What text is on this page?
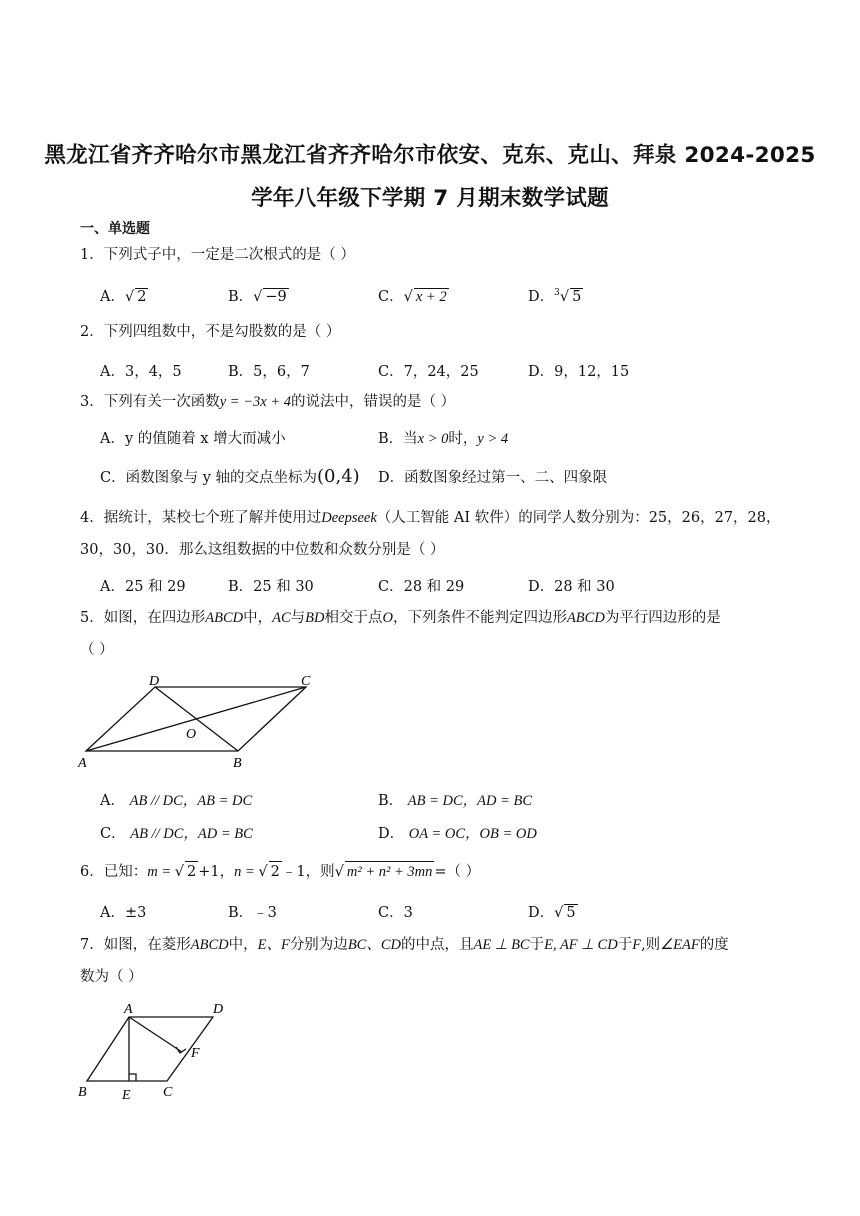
黑龙江省齐齐哈尔市黑龙江省齐齐哈尔市依安、克东、克山、拜泉 2024-2025
学年八年级下学期 7 月期末数学试题
一、单选题
1．下列式子中，一定是二次根式的是（ ）
A．√ 2	B．√ −9	C．√ x + 2	D．$^3$√ 5
2．下列四组数中，不是勾股数的是（ ）
A．3，4，5	B．5，6，7	C．7，24，25	D．9，12，15
3．下列有关一次函数y = −3x + 4的说法中，错误的是（ ）
A．y 的值随着 x 增大而减小	B．当x > 0时，y > 4
C．函数图象与 y 轴的交点坐标为(0,4) D．函数图象经过第一、二、四象限
4．据统计，某校七个班了解并使用过Deepseek（人工智能 AI 软件）的同学人数分别为：25，26，27，28，
30，30，30．那么这组数据的中位数和众数分别是（ ）
A．25 和 29	B．25 和 30	C．28 和 29	D．28 和 30
5．如图，在四边形ABCD中，AC与BD相交于点O，下列条件不能判定四边形ABCD为平行四边形的是
（ ）
A	B
C
D
O
A． AB // DC，AB = DC	B． AB = DC，AD = BC
C． AB // DC，AD = BC	D． OA = OC，OB = OD
6．已知：m = √ 2 +1，n = √ 2 ﹣1，则√ m² + n² + 3mn =（ ）
A．±3	B．﹣3	C．3	D．√ 5
7．如图，在菱形ABCD中，E、F分别为边BC、CD的中点，且AE ⊥ BC于E, AF ⊥ CD于F,则∠EAF的度
数为（ ）
A
B	C
D
E
F
